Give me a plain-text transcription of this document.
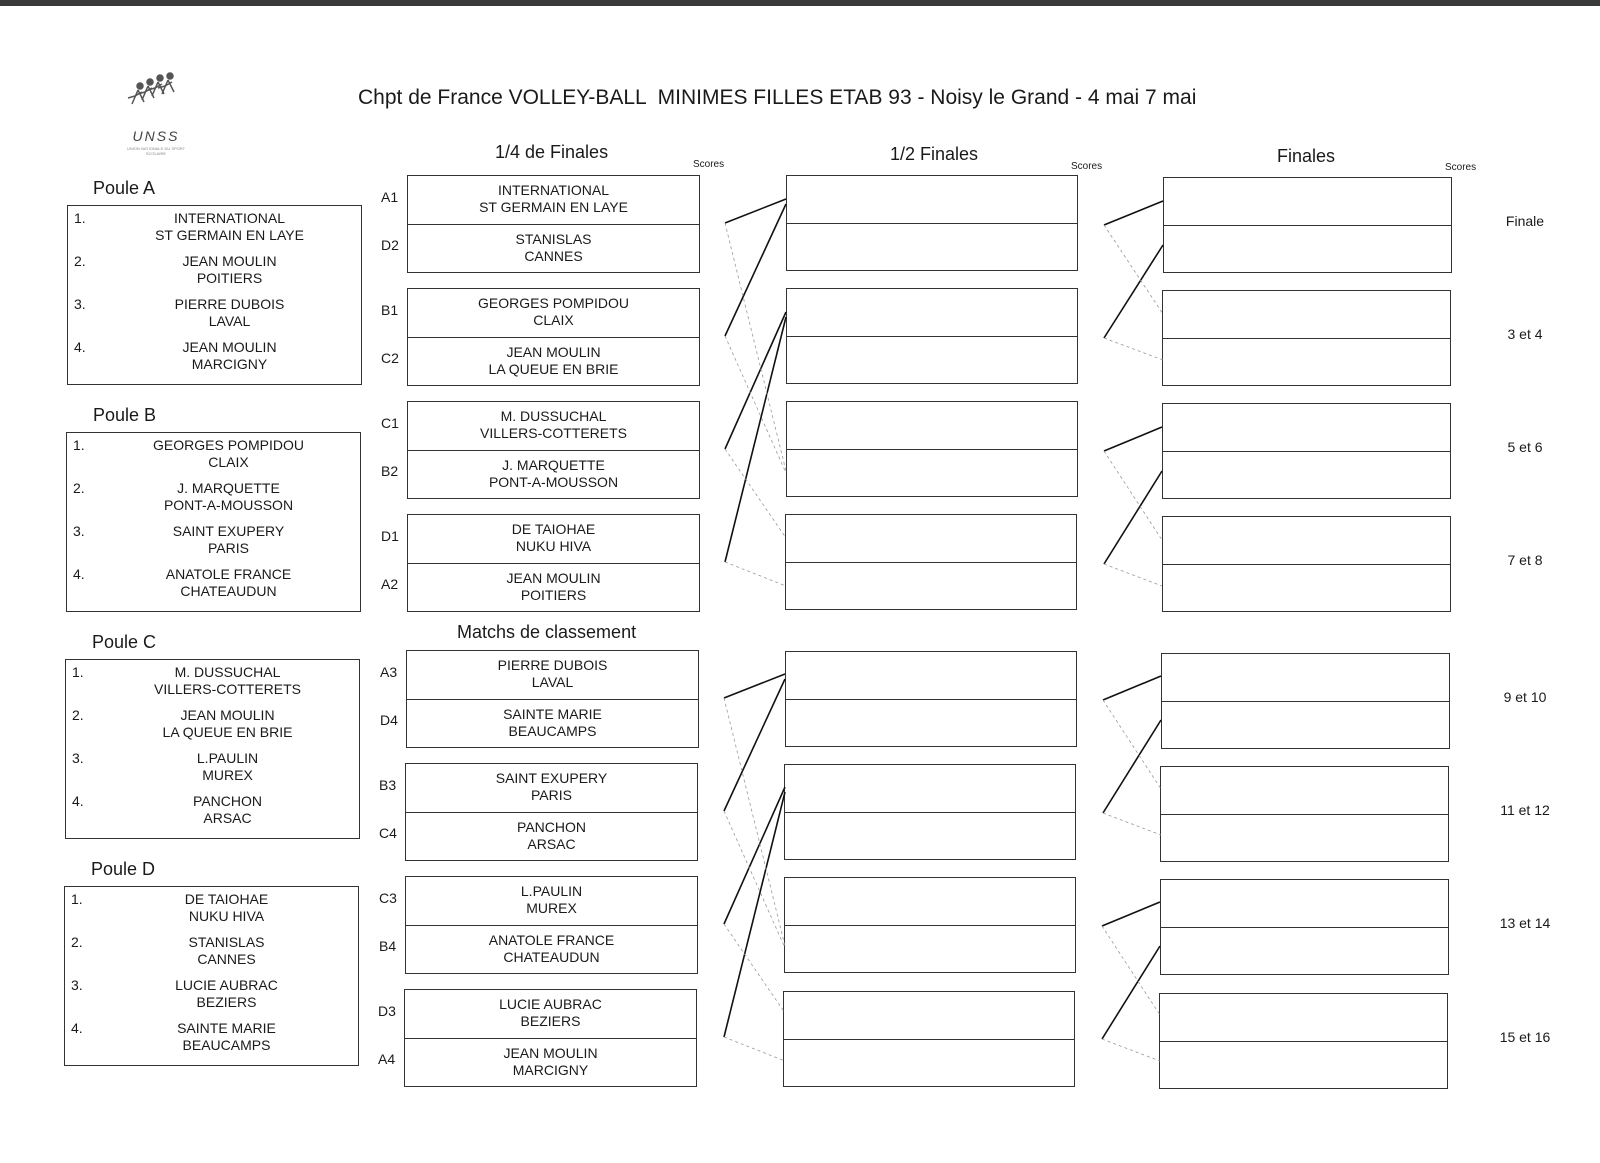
UNSS
UNION NATIONALE DU SPORT SCOLAIRE
Chpt de France VOLLEY-BALL  MINIMES FILLES ETAB 93 - Noisy le Grand - 4 mai 7 mai
1/4 de Finales
Scores
1/2 Finales
Scores
Finales
Scores
Matchs de classement
Poule A
1.	INTERNATIONAL
ST GERMAIN EN LAYE
2.	JEAN MOULIN
POITIERS
3.	PIERRE DUBOIS
LAVAL
4.	JEAN MOULIN
MARCIGNY
Poule B
1.	GEORGES POMPIDOU
CLAIX
2.	J. MARQUETTE
PONT-A-MOUSSON
3.	SAINT EXUPERY
PARIS
4.	ANATOLE FRANCE
CHATEAUDUN
Poule C
1.	M. DUSSUCHAL
VILLERS-COTTERETS
2.	JEAN MOULIN
LA QUEUE EN BRIE
3.	L.PAULIN
MUREX
4.	PANCHON
ARSAC
Poule D
1.	DE TAIOHAE
NUKU HIVA
2.	STANISLAS
CANNES
3.	LUCIE AUBRAC
BEZIERS
4.	SAINTE MARIE
BEAUCAMPS
A1
D2
INTERNATIONAL
ST GERMAIN EN LAYE
STANISLAS
CANNES
B1
C2
GEORGES POMPIDOU
CLAIX
JEAN MOULIN
LA QUEUE EN BRIE
C1
B2
M. DUSSUCHAL
VILLERS-COTTERETS
J. MARQUETTE
PONT-A-MOUSSON
D1
A2
DE TAIOHAE
NUKU HIVA
JEAN MOULIN
POITIERS
A3
D4
PIERRE DUBOIS
LAVAL
SAINTE MARIE
BEAUCAMPS
B3
C4
SAINT EXUPERY
PARIS
PANCHON
ARSAC
C3
B4
L.PAULIN
MUREX
ANATOLE FRANCE
CHATEAUDUN
D3
A4
LUCIE AUBRAC
BEZIERS
JEAN MOULIN
MARCIGNY
Finale
3 et 4
5 et 6
7 et 8
9 et 10
11 et 12
13 et 14
15 et 16
